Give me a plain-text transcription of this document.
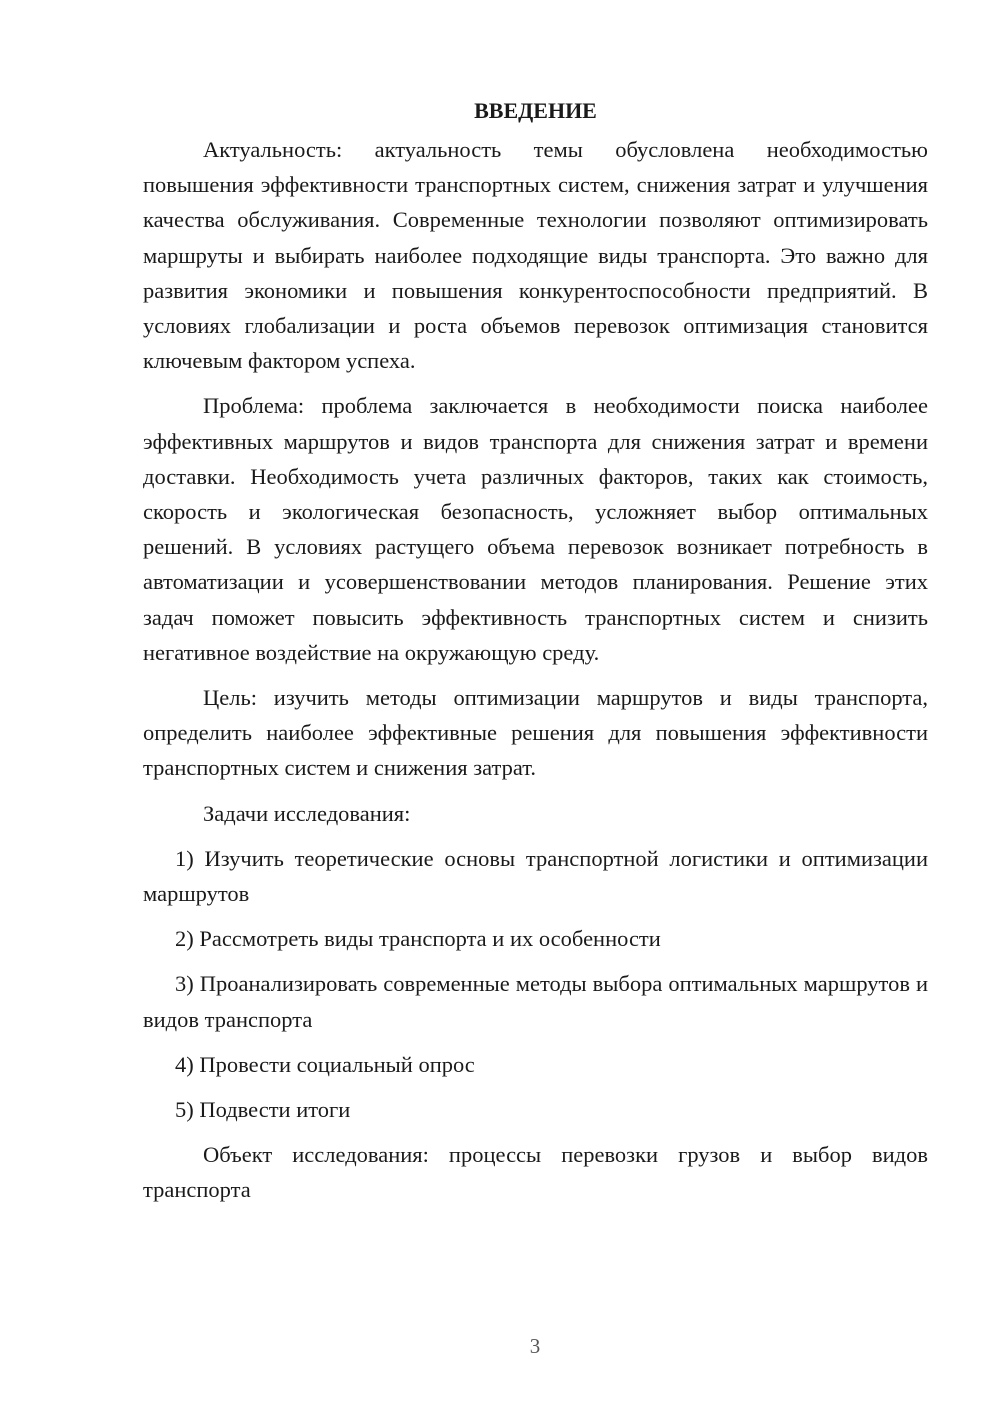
ВВЕДЕНИЕ

Актуальность: актуальность темы обусловлена необходимостью повышения эффективности транспортных систем, снижения затрат и улучшения качества обслуживания. Современные технологии позволяют оптимизировать маршруты и выбирать наиболее подходящие виды транспорта. Это важно для развития экономики и повышения конкурентоспособности предприятий. В условиях глобализации и роста объемов перевозок оптимизация становится ключевым фактором успеха.

Проблема: проблема заключается в необходимости поиска наиболее эффективных маршрутов и видов транспорта для снижения затрат и времени доставки. Необходимость учета различных факторов, таких как стоимость, скорость и экологическая безопасность, усложняет выбор оптимальных решений. В условиях растущего объема перевозок возникает потребность в автоматизации и усовершенствовании методов планирования. Решение этих задач поможет повысить эффективность транспортных систем и снизить негативное воздействие на окружающую среду.

Цель: изучить методы оптимизации маршрутов и виды транспорта, определить наиболее эффективные решения для повышения эффективности транспортных систем и снижения затрат.

Задачи исследования:

1) Изучить теоретические основы транспортной логистики и оптимизации маршрутов

2) Рассмотреть виды транспорта и их особенности

3) Проанализировать современные методы выбора оптимальных маршрутов и видов транспорта

4) Провести социальный опрос

5) Подвести итоги

Объект исследования: процессы перевозки грузов и выбор видов транспорта

3
